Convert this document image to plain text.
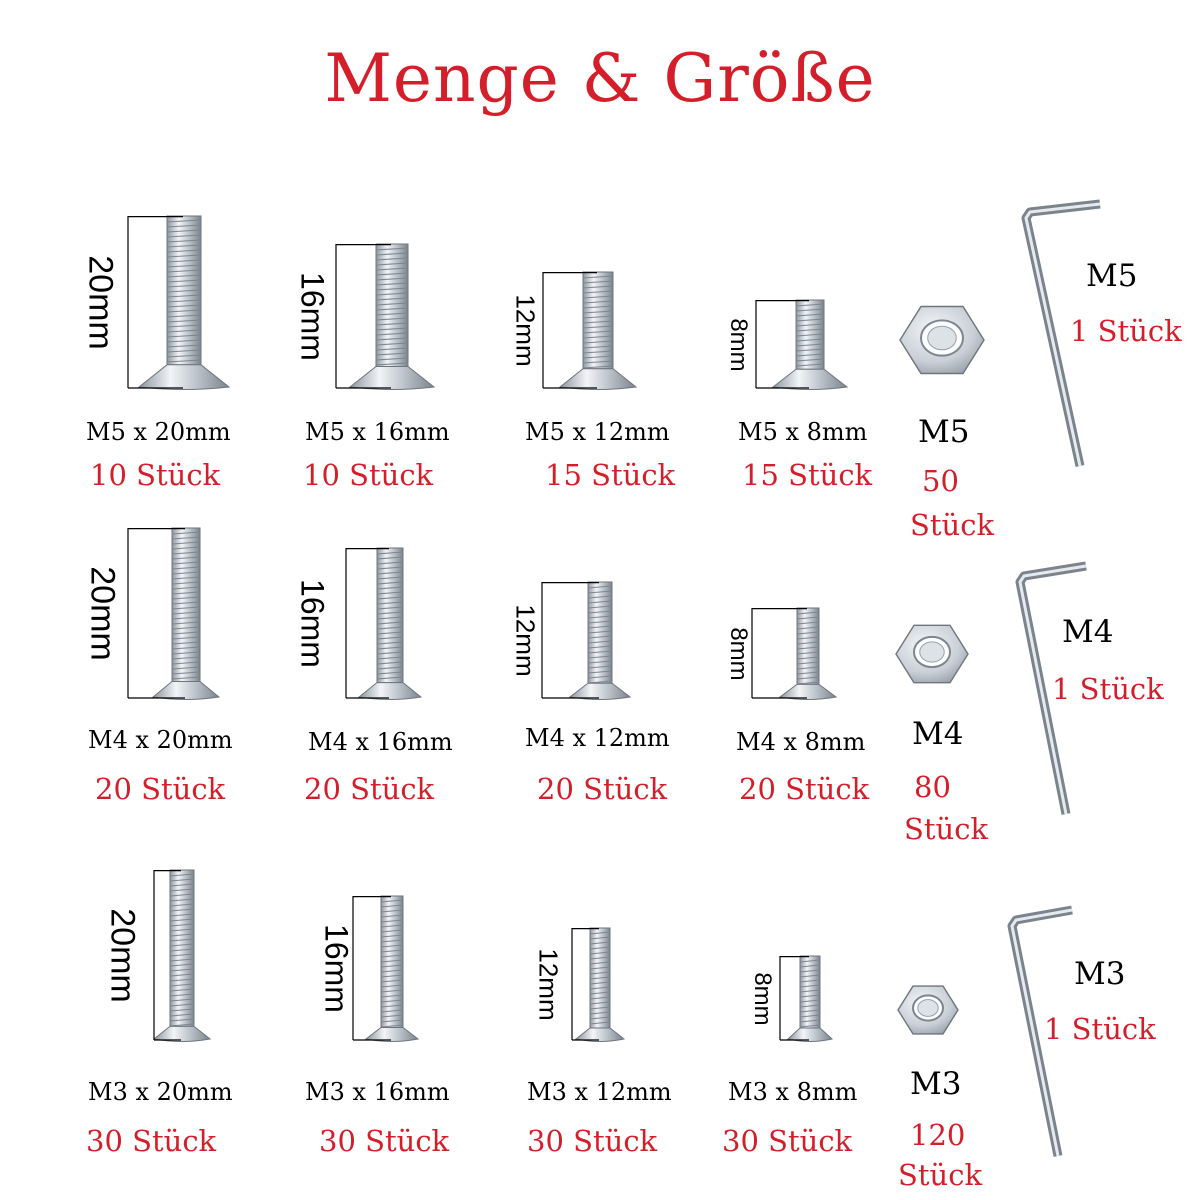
Menge & Größe
20mm
M5 x 20mm
10 Stück
16mm
M5 x 16mm
10 Stück
12mm
M5 x 12mm
15 Stück
8mm
M5 x 8mm
15 Stück
M5
50
Stück
M5
1 Stück
20mm
M4 x 20mm
20 Stück
16mm
M4 x 16mm
20 Stück
12mm
M4 x 12mm
20 Stück
8mm
M4 x 8mm
20 Stück
M4
80
Stück
M4
1 Stück
20mm
M3 x 20mm
30 Stück
16mm
M3 x 16mm
30 Stück
12mm
M3 x 12mm
30 Stück
8mm
M3 x 8mm
30 Stück
M3
120
Stück
M3
1 Stück
